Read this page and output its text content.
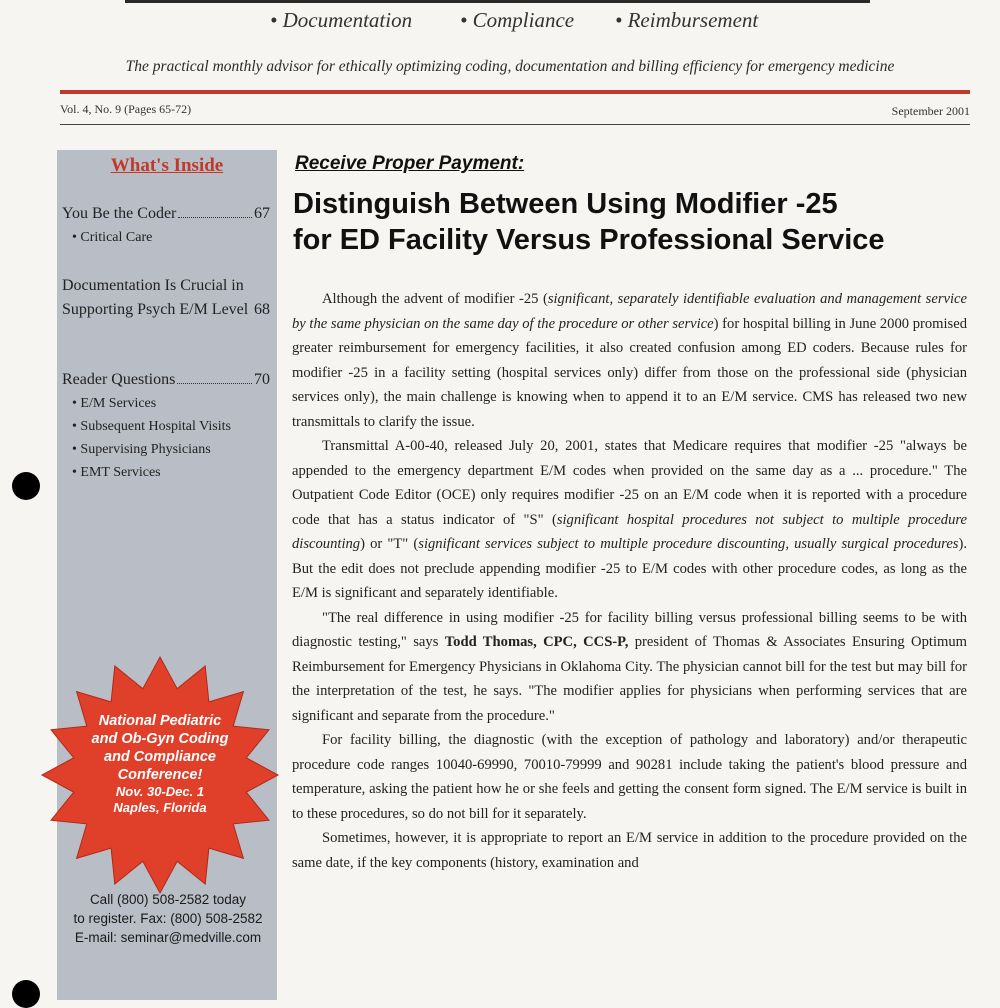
• Documentation • Compliance • Reimbursement
The practical monthly advisor for ethically optimizing coding, documentation and billing efficiency for emergency medicine
Vol. 4, No. 9 (Pages 65-72)	September 2001
What's Inside
You Be the Coder	67
• Critical Care
Documentation Is Crucial in Supporting Psych E/M Level 68
Reader Questions	70
• E/M Services
• Subsequent Hospital Visits
• Supervising Physicians
• EMT Services
National Pediatric
and Ob-Gyn Coding
and Compliance
Conference!
Nov. 30-Dec. 1
Naples, Florida
Call (800) 508-2582 today
to register. Fax: (800) 508-2582
E-mail: seminar@medville.com
Receive Proper Payment:
Distinguish Between Using Modifier -25
for ED Facility Versus Professional Service

Although the advent of modifier -25 (significant, separately identifiable evaluation and management service by the same physician on the same day of the procedure or other service) for hospital billing in June 2000 promised greater reimbursement for emergency facilities, it also created confusion among ED coders. Because rules for modifier -25 in a facility setting (hospital services only) differ from those on the professional side (physician services only), the main challenge is knowing when to append it to an E/M service. CMS has released two new transmittals to clarify the issue.

Transmittal A-00-40, released July 20, 2001, states that Medicare requires that modifier -25 "always be appended to the emergency department E/M codes when provided on the same day as a ... procedure." The Outpatient Code Editor (OCE) only requires modifier -25 on an E/M code when it is reported with a procedure code that has a status indicator of "S" (significant hospital procedures not subject to multiple procedure discounting) or "T" (significant services subject to multiple procedure discounting, usually surgical procedures). But the edit does not preclude appending modifier -25 to E/M codes with other procedure codes, as long as the E/M is significant and separately identifiable.

"The real difference in using modifier -25 for facility billing versus professional billing seems to be with diagnostic testing," says Todd Thomas, CPC, CCS-P, president of Thomas & Associates Ensuring Optimum Reimbursement for Emergency Physicians in Oklahoma City. The physician cannot bill for the test but may bill for the interpretation of the test, he says. "The modifier applies for physicians when performing services that are significant and separate from the procedure."

For facility billing, the diagnostic (with the exception of pathology and laboratory) and/or therapeutic procedure code ranges 10040-69990, 70010-79999 and 90281 include taking the patient's blood pressure and temperature, asking the patient how he or she feels and getting the consent form signed. The E/M service is built in to these procedures, so do not bill for it separately.

Sometimes, however, it is appropriate to report an E/M service in addition to the procedure provided on the same date, if the key components (history, examination and
